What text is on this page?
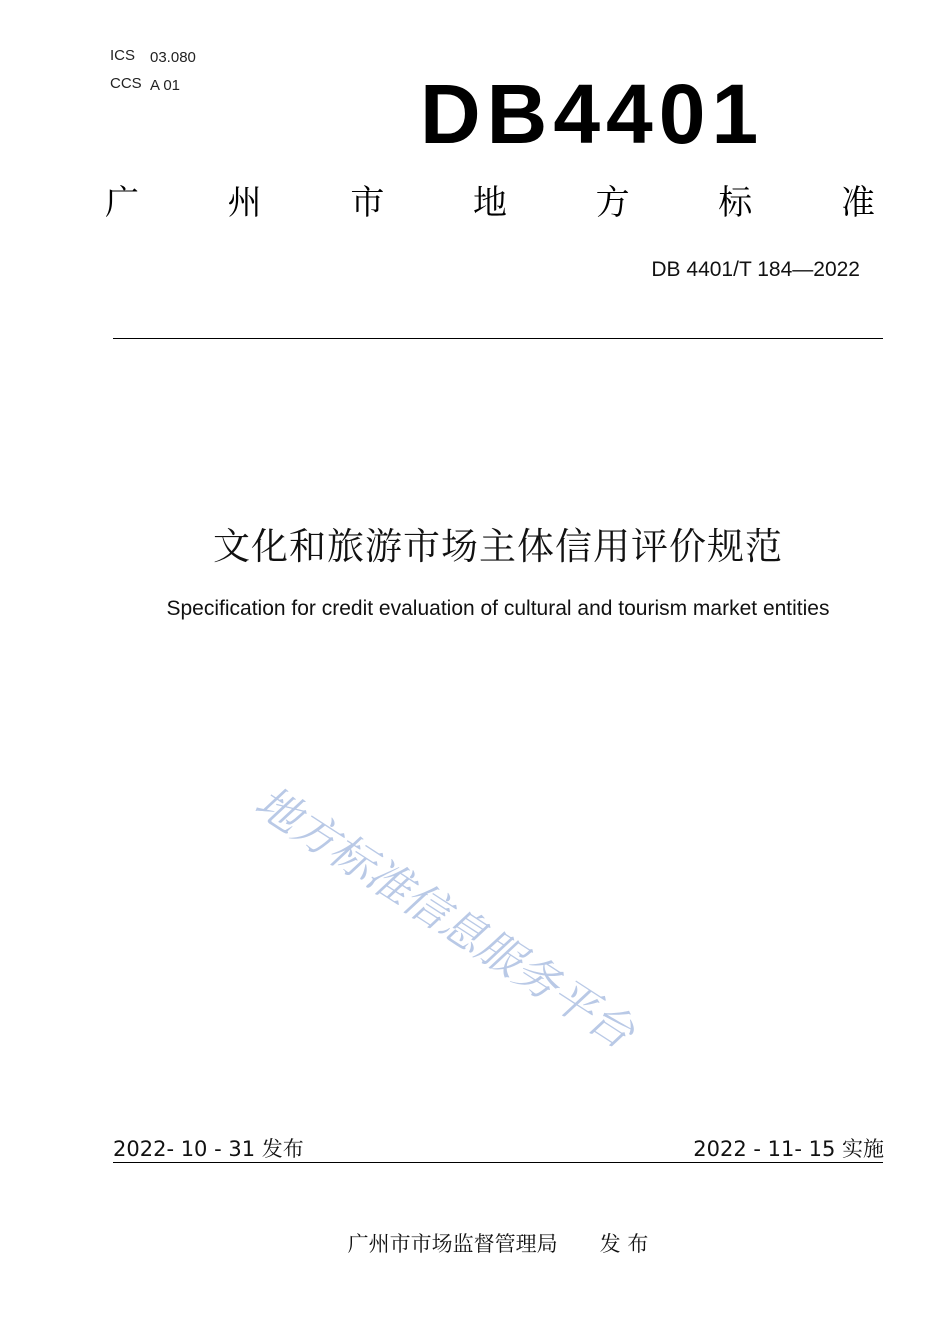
ICS 03.080
CCS A 01	DB4401
广	州	市	地	方	标	准
DB 4401/T 184—2022
文化和旅游市场主体信用评价规范
Specification for credit evaluation of cultural and tourism market entities
地方标准信息服务平台
2022- 10 - 31 发布	2022 - 11- 15 实施
广州市市场监督管理局　　发 布
